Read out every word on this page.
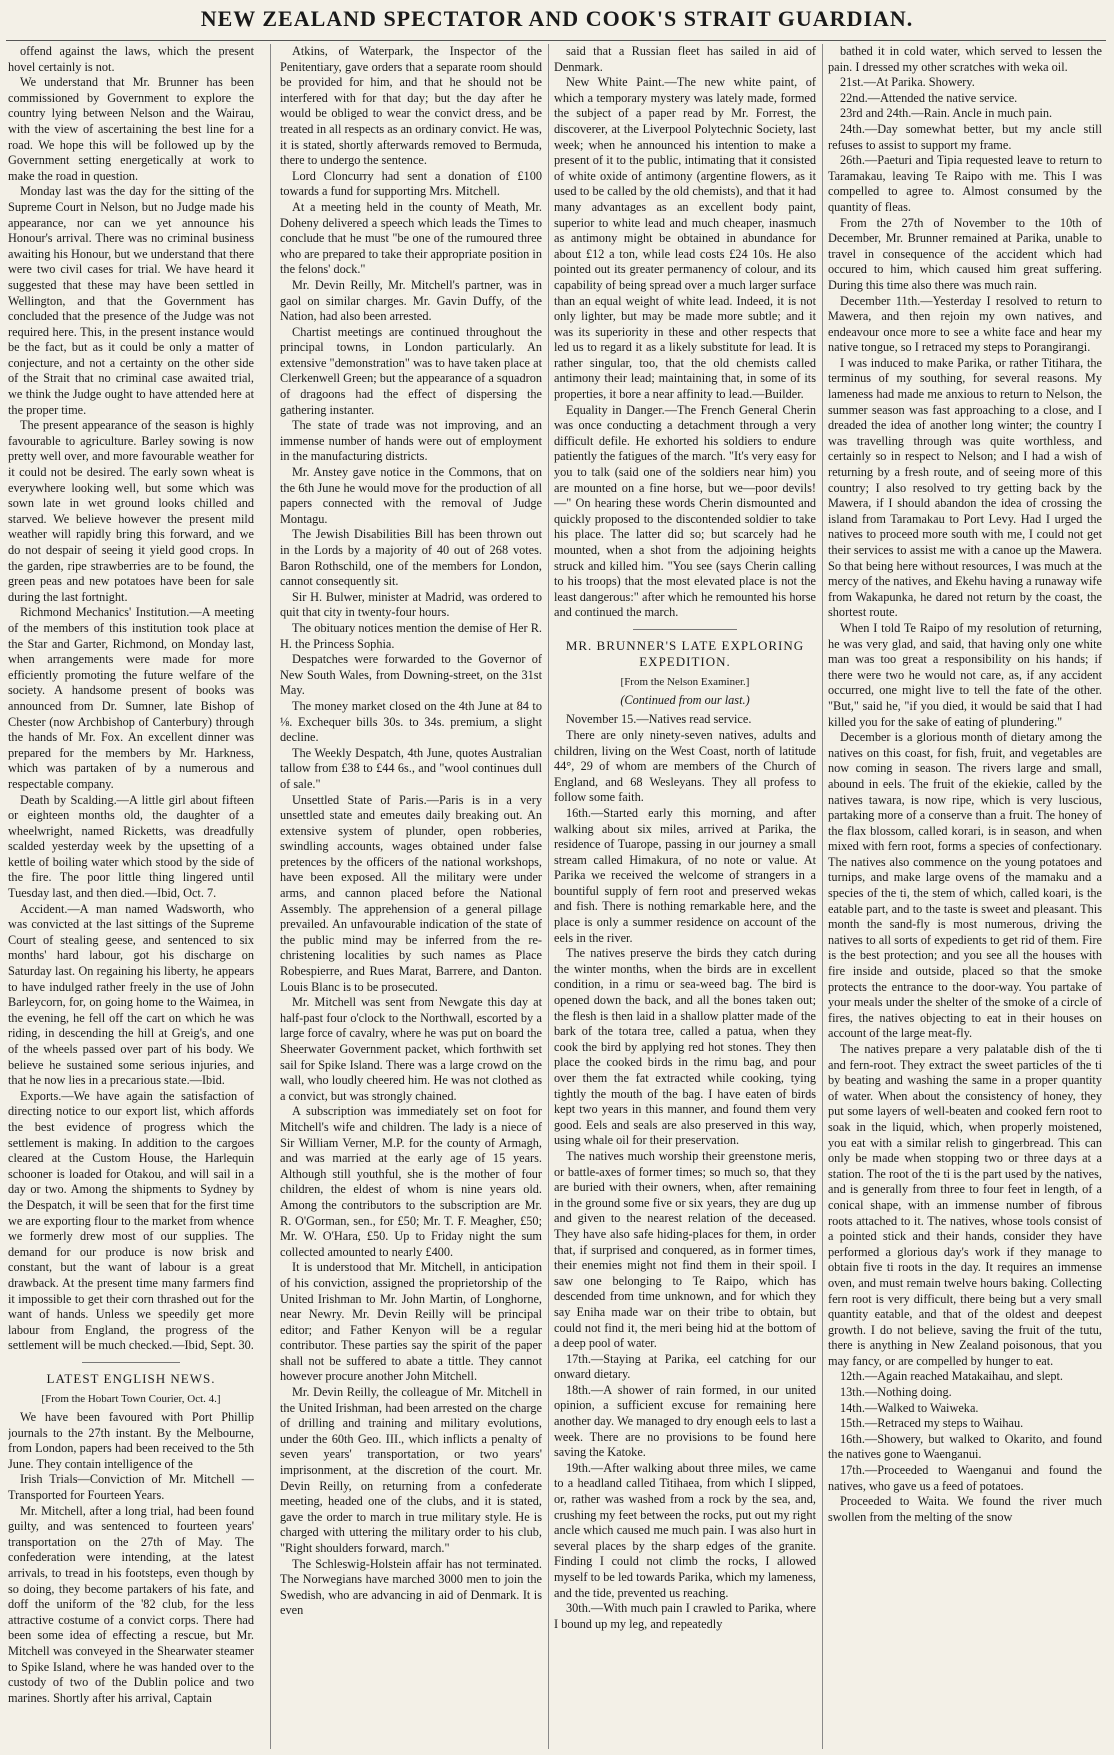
NEW ZEALAND SPECTATOR AND COOK'S STRAIT GUARDIAN.

offend against the laws, which the present hovel certainly is not.

We understand that Mr. Brunner has been commissioned by Government to explore the country lying between Nelson and the Wairau, with the view of ascertaining the best line for a road. We hope this will be followed up by the Government setting energetically at work to make the road in question.

Monday last was the day for the sitting of the Supreme Court in Nelson, but no Judge made his appearance, nor can we yet announce his Honour's arrival. There was no criminal business awaiting his Honour, but we understand that there were two civil cases for trial. We have heard it suggested that these may have been settled in Wellington, and that the Government has concluded that the presence of the Judge was not required here. This, in the present instance would be the fact, but as it could be only a matter of conjecture, and not a certainty on the other side of the Strait that no criminal case awaited trial, we think the Judge ought to have attended here at the proper time.

The present appearance of the season is highly favourable to agriculture. Barley sowing is now pretty well over, and more favourable weather for it could not be desired. The early sown wheat is everywhere looking well, but some which was sown late in wet ground looks chilled and starved. We believe however the present mild weather will rapidly bring this forward, and we do not despair of seeing it yield good crops. In the garden, ripe strawberries are to be found, the green peas and new potatoes have been for sale during the last fortnight.

Richmond Mechanics' Institution.—A meeting of the members of this institution took place at the Star and Garter, Richmond, on Monday last, when arrangements were made for more efficiently promoting the future welfare of the society. A handsome present of books was announced from Dr. Sumner, late Bishop of Chester (now Archbishop of Canterbury) through the hands of Mr. Fox. An excellent dinner was prepared for the members by Mr. Harkness, which was partaken of by a numerous and respectable company.

Death by Scalding.—A little girl about fifteen or eighteen months old, the daughter of a wheelwright, named Ricketts, was dreadfully scalded yesterday week by the upsetting of a kettle of boiling water which stood by the side of the fire. The poor little thing lingered until Tuesday last, and then died.—Ibid, Oct. 7.

Accident.—A man named Wadsworth, who was convicted at the last sittings of the Supreme Court of stealing geese, and sentenced to six months' hard labour, got his discharge on Saturday last. On regaining his liberty, he appears to have indulged rather freely in the use of John Barleycorn, for, on going home to the Waimea, in the evening, he fell off the cart on which he was riding, in descending the hill at Greig's, and one of the wheels passed over part of his body. We believe he sustained some serious injuries, and that he now lies in a precarious state.—Ibid.

Exports.—We have again the satisfaction of directing notice to our export list, which affords the best evidence of progress which the settlement is making. In addition to the cargoes cleared at the Custom House, the Harlequin schooner is loaded for Otakou, and will sail in a day or two. Among the shipments to Sydney by the Despatch, it will be seen that for the first time we are exporting flour to the market from whence we formerly drew most of our supplies. The demand for our produce is now brisk and constant, but the want of labour is a great drawback. At the present time many farmers find it impossible to get their corn thrashed out for the want of hands. Unless we speedily get more labour from England, the progress of the settlement will be much checked.—Ibid, Sept. 30.

LATEST ENGLISH NEWS.
[From the Hobart Town Courier, Oct. 4.]

We have been favoured with Port Phillip journals to the 27th instant. By the Melbourne, from London, papers had been received to the 5th June. They contain intelligence of the

Irish Trials—Conviction of Mr. Mitchell — Transported for Fourteen Years.

Mr. Mitchell, after a long trial, had been found guilty, and was sentenced to fourteen years' transportation on the 27th of May. The confederation were intending, at the latest arrivals, to tread in his footsteps, even though by so doing, they become partakers of his fate, and doff the uniform of the '82 club, for the less attractive costume of a convict corps. There had been some idea of effecting a rescue, but Mr. Mitchell was conveyed in the Shearwater steamer to Spike Island, where he was handed over to the custody of two of the Dublin police and two marines. Shortly after his arrival, Captain

Atkins, of Waterpark, the Inspector of the Penitentiary, gave orders that a separate room should be provided for him, and that he should not be interfered with for that day; but the day after he would be obliged to wear the convict dress, and be treated in all respects as an ordinary convict. He was, it is stated, shortly afterwards removed to Bermuda, there to undergo the sentence.

Lord Cloncurry had sent a donation of £100 towards a fund for supporting Mrs. Mitchell.

At a meeting held in the county of Meath, Mr. Doheny delivered a speech which leads the Times to conclude that he must "be one of the rumoured three who are prepared to take their appropriate position in the felons' dock."

Mr. Devin Reilly, Mr. Mitchell's partner, was in gaol on similar charges. Mr. Gavin Duffy, of the Nation, had also been arrested.

Chartist meetings are continued throughout the principal towns, in London particularly. An extensive "demonstration" was to have taken place at Clerkenwell Green; but the appearance of a squadron of dragoons had the effect of dispersing the gathering instanter.

The state of trade was not improving, and an immense number of hands were out of employment in the manufacturing districts.

Mr. Anstey gave notice in the Commons, that on the 6th June he would move for the production of all papers connected with the removal of Judge Montagu.

The Jewish Disabilities Bill has been thrown out in the Lords by a majority of 40 out of 268 votes. Baron Rothschild, one of the members for London, cannot consequently sit.

Sir H. Bulwer, minister at Madrid, was ordered to quit that city in twenty-four hours.

The obituary notices mention the demise of Her R. H. the Princess Sophia.

Despatches were forwarded to the Governor of New South Wales, from Downing-street, on the 31st May.

The money market closed on the 4th June at 84 to ⅛. Exchequer bills 30s. to 34s. premium, a slight decline.

The Weekly Despatch, 4th June, quotes Australian tallow from £38 to £44 6s., and "wool continues dull of sale."

Unsettled State of Paris.—Paris is in a very unsettled state and emeutes daily breaking out. An extensive system of plunder, open robberies, swindling accounts, wages obtained under false pretences by the officers of the national workshops, have been exposed. All the military were under arms, and cannon placed before the National Assembly. The apprehension of a general pillage prevailed. An unfavourable indication of the state of the public mind may be inferred from the re-christening localities by such names as Place Robespierre, and Rues Marat, Barrere, and Danton. Louis Blanc is to be prosecuted.

Mr. Mitchell was sent from Newgate this day at half-past four o'clock to the Northwall, escorted by a large force of cavalry, where he was put on board the Sheerwater Government packet, which forthwith set sail for Spike Island. There was a large crowd on the wall, who loudly cheered him. He was not clothed as a convict, but was strongly chained.

A subscription was immediately set on foot for Mitchell's wife and children. The lady is a niece of Sir William Verner, M.P. for the county of Armagh, and was married at the early age of 15 years. Although still youthful, she is the mother of four children, the eldest of whom is nine years old. Among the contributors to the subscription are Mr. R. O'Gorman, sen., for £50; Mr. T. F. Meagher, £50; Mr. W. O'Hara, £50. Up to Friday night the sum collected amounted to nearly £400.

It is understood that Mr. Mitchell, in anticipation of his conviction, assigned the proprietorship of the United Irishman to Mr. John Martin, of Longhorne, near Newry. Mr. Devin Reilly will be principal editor; and Father Kenyon will be a regular contributor. These parties say the spirit of the paper shall not be suffered to abate a tittle. They cannot however procure another John Mitchell.

Mr. Devin Reilly, the colleague of Mr. Mitchell in the United Irishman, had been arrested on the charge of drilling and training and military evolutions, under the 60th Geo. III., which inflicts a penalty of seven years' transportation, or two years' imprisonment, at the discretion of the court. Mr. Devin Reilly, on returning from a confederate meeting, headed one of the clubs, and it is stated, gave the order to march in true military style. He is charged with uttering the military order to his club, "Right shoulders forward, march."

The Schleswig-Holstein affair has not terminated. The Norwegians have marched 3000 men to join the Swedish, who are advancing in aid of Denmark. It is even

said that a Russian fleet has sailed in aid of Denmark.

New White Paint.—The new white paint, of which a temporary mystery was lately made, formed the subject of a paper read by Mr. Forrest, the discoverer, at the Liverpool Polytechnic Society, last week; when he announced his intention to make a present of it to the public, intimating that it consisted of white oxide of antimony (argentine flowers, as it used to be called by the old chemists), and that it had many advantages as an excellent body paint, superior to white lead and much cheaper, inasmuch as antimony might be obtained in abundance for about £12 a ton, while lead costs £24 10s. He also pointed out its greater permanency of colour, and its capability of being spread over a much larger surface than an equal weight of white lead. Indeed, it is not only lighter, but may be made more subtle; and it was its superiority in these and other respects that led us to regard it as a likely substitute for lead. It is rather singular, too, that the old chemists called antimony their lead; maintaining that, in some of its properties, it bore a near affinity to lead.—Builder.

Equality in Danger.—The French General Cherin was once conducting a detachment through a very difficult defile. He exhorted his soldiers to endure patiently the fatigues of the march. "It's very easy for you to talk (said one of the soldiers near him) you are mounted on a fine horse, but we—poor devils!—" On hearing these words Cherin dismounted and quickly proposed to the discontended soldier to take his place. The latter did so; but scarcely had he mounted, when a shot from the adjoining heights struck and killed him. "You see (says Cherin calling to his troops) that the most elevated place is not the least dangerous:" after which he remounted his horse and continued the march.

MR. BRUNNER'S LATE EXPLORING EXPEDITION.
[From the Nelson Examiner.]
(Continued from our last.)

November 15.—Natives read service.

There are only ninety-seven natives, adults and children, living on the West Coast, north of latitude 44°, 29 of whom are members of the Church of England, and 68 Wesleyans. They all profess to follow some faith.

16th.—Started early this morning, and after walking about six miles, arrived at Parika, the residence of Tuarope, passing in our journey a small stream called Himakura, of no note or value. At Parika we received the welcome of strangers in a bountiful supply of fern root and preserved wekas and fish. There is nothing remarkable here, and the place is only a summer residence on account of the eels in the river.

The natives preserve the birds they catch during the winter months, when the birds are in excellent condition, in a rimu or sea-weed bag. The bird is opened down the back, and all the bones taken out; the flesh is then laid in a shallow platter made of the bark of the totara tree, called a patua, when they cook the bird by applying red hot stones. They then place the cooked birds in the rimu bag, and pour over them the fat extracted while cooking, tying tightly the mouth of the bag. I have eaten of birds kept two years in this manner, and found them very good. Eels and seals are also preserved in this way, using whale oil for their preservation.

The natives much worship their greenstone meris, or battle-axes of former times; so much so, that they are buried with their owners, when, after remaining in the ground some five or six years, they are dug up and given to the nearest relation of the deceased. They have also safe hiding-places for them, in order that, if surprised and conquered, as in former times, their enemies might not find them in their spoil. I saw one belonging to Te Raipo, which has descended from time unknown, and for which they say Eniha made war on their tribe to obtain, but could not find it, the meri being hid at the bottom of a deep pool of water.

17th.—Staying at Parika, eel catching for our onward dietary.

18th.—A shower of rain formed, in our united opinion, a sufficient excuse for remaining here another day. We managed to dry enough eels to last a week. There are no provisions to be found here saving the Katoke.

19th.—After walking about three miles, we came to a headland called Titihaea, from which I slipped, or, rather was washed from a rock by the sea, and, crushing my feet between the rocks, put out my right ancle which caused me much pain. I was also hurt in several places by the sharp edges of the granite. Finding I could not climb the rocks, I allowed myself to be led towards Parika, which my lameness, and the tide, prevented us reaching.

30th.—With much pain I crawled to Parika, where I bound up my leg, and repeatedly

bathed it in cold water, which served to lessen the pain. I dressed my other scratches with weka oil.

21st.—At Parika. Showery.

22nd.—Attended the native service.

23rd and 24th.—Rain. Ancle in much pain.

24th.—Day somewhat better, but my ancle still refuses to assist to support my frame.

26th.—Paeturi and Tipia requested leave to return to Taramakau, leaving Te Raipo with me. This I was compelled to agree to. Almost consumed by the quantity of fleas.

From the 27th of November to the 10th of December, Mr. Brunner remained at Parika, unable to travel in consequence of the accident which had occured to him, which caused him great suffering. During this time also there was much rain.

December 11th.—Yesterday I resolved to return to Mawera, and then rejoin my own natives, and endeavour once more to see a white face and hear my native tongue, so I retraced my steps to Porangirangi.

I was induced to make Parika, or rather Titihara, the terminus of my southing, for several reasons. My lameness had made me anxious to return to Nelson, the summer season was fast approaching to a close, and I dreaded the idea of another long winter; the country I was travelling through was quite worthless, and certainly so in respect to Nelson; and I had a wish of returning by a fresh route, and of seeing more of this country; I also resolved to try getting back by the Mawera, if I should abandon the idea of crossing the island from Taramakau to Port Levy. Had I urged the natives to proceed more south with me, I could not get their services to assist me with a canoe up the Mawera. So that being here without resources, I was much at the mercy of the natives, and Ekehu having a runaway wife from Wakapunka, he dared not return by the coast, the shortest route.

When I told Te Raipo of my resolution of returning, he was very glad, and said, that having only one white man was too great a responsibility on his hands; if there were two he would not care, as, if any accident occurred, one might live to tell the fate of the other. "But," said he, "if you died, it would be said that I had killed you for the sake of eating of plundering."

December is a glorious month of dietary among the natives on this coast, for fish, fruit, and vegetables are now coming in season. The rivers large and small, abound in eels. The fruit of the ekiekie, called by the natives tawara, is now ripe, which is very luscious, partaking more of a conserve than a fruit. The honey of the flax blossom, called korari, is in season, and when mixed with fern root, forms a species of confectionary. The natives also commence on the young potatoes and turnips, and make large ovens of the mamaku and a species of the ti, the stem of which, called koari, is the eatable part, and to the taste is sweet and pleasant. This month the sand-fly is most numerous, driving the natives to all sorts of expedients to get rid of them. Fire is the best protection; and you see all the houses with fire inside and outside, placed so that the smoke protects the entrance to the door-way. You partake of your meals under the shelter of the smoke of a circle of fires, the natives objecting to eat in their houses on account of the large meat-fly.

The natives prepare a very palatable dish of the ti and fern-root. They extract the sweet particles of the ti by beating and washing the same in a proper quantity of water. When about the consistency of honey, they put some layers of well-beaten and cooked fern root to soak in the liquid, which, when properly moistened, you eat with a similar relish to gingerbread. This can only be made when stopping two or three days at a station. The root of the ti is the part used by the natives, and is generally from three to four feet in length, of a conical shape, with an immense number of fibrous roots attached to it. The natives, whose tools consist of a pointed stick and their hands, consider they have performed a glorious day's work if they manage to obtain five ti roots in the day. It requires an immense oven, and must remain twelve hours baking. Collecting fern root is very difficult, there being but a very small quantity eatable, and that of the oldest and deepest growth. I do not believe, saving the fruit of the tutu, there is anything in New Zealand poisonous, that you may fancy, or are compelled by hunger to eat.

12th.—Again reached Matakaihau, and slept.

13th.—Nothing doing.

14th.—Walked to Waiweka.

15th.—Retraced my steps to Waihau.

16th.—Showery, but walked to Okarito, and found the natives gone to Waenganui.

17th.—Proceeded to Waenganui and found the natives, who gave us a feed of potatoes.

Proceeded to Waita. We found the river much swollen from the melting of the snow
